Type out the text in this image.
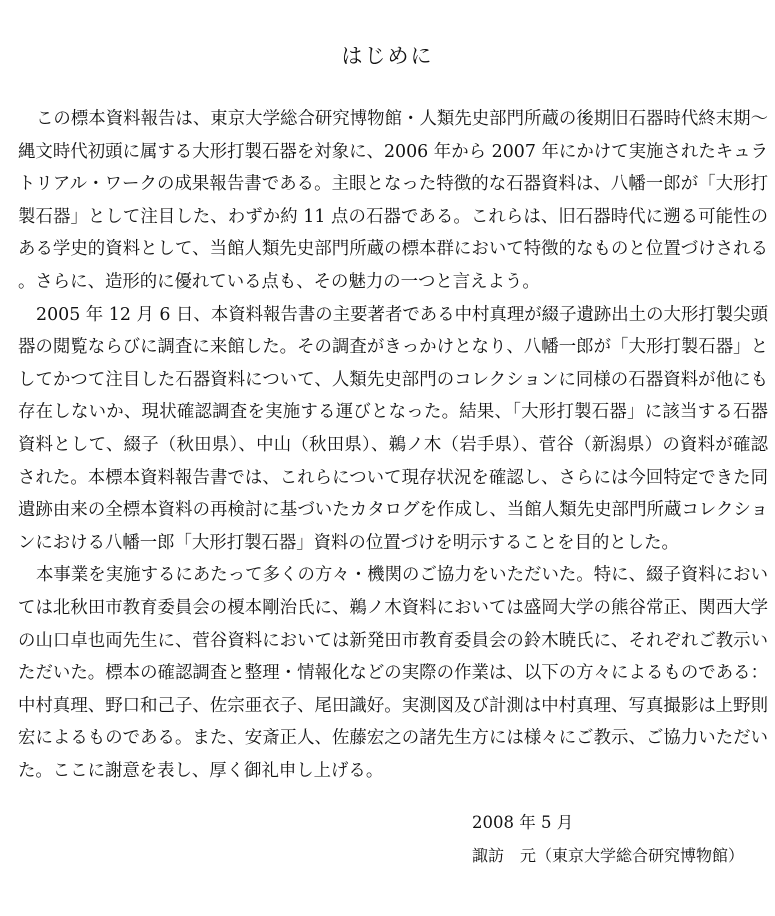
はじめに

この標本資料報告は、東京大学総合研究博物館・人類先史部門所蔵の後期旧石器時代終末期～縄文時代初頭に属する大形打製石器を対象に、2006 年から 2007 年にかけて実施されたキュラトリアル・ワークの成果報告書である。主眼となった特徴的な石器資料は、八幡一郎が「大形打製石器」として注目した、わずか約 11 点の石器である。これらは、旧石器時代に遡る可能性のある学史的資料として、当館人類先史部門所蔵の標本群において特徴的なものと位置づけされる。さらに、造形的に優れている点も、その魅力の一つと言えよう。

2005 年 12 月 6 日、本資料報告書の主要著者である中村真理が綴子遺跡出土の大形打製尖頭器の閲覧ならびに調査に来館した。その調査がきっかけとなり、八幡一郎が「大形打製石器」としてかつて注目した石器資料について、人類先史部門のコレクションに同様の石器資料が他にも存在しないか、現状確認調査を実施する運びとなった。結果、「大形打製石器」に該当する石器資料として、綴子（秋田県）、中山（秋田県）、鵜ノ木（岩手県）、菅谷（新潟県）の資料が確認された。本標本資料報告書では、これらについて現存状況を確認し、さらには今回特定できた同遺跡由来の全標本資料の再検討に基づいたカタログを作成し、当館人類先史部門所蔵コレクションにおける八幡一郎「大形打製石器」資料の位置づけを明示することを目的とした。

本事業を実施するにあたって多くの方々・機関のご協力をいただいた。特に、綴子資料においては北秋田市教育委員会の榎本剛治氏に、鵜ノ木資料においては盛岡大学の熊谷常正、関西大学の山口卓也両先生に、菅谷資料においては新発田市教育委員会の鈴木暁氏に、それぞれご教示いただいた。標本の確認調査と整理・情報化などの実際の作業は、以下の方々によるものである：中村真理、野口和己子、佐宗亜衣子、尾田識好。実測図及び計測は中村真理、写真撮影は上野則宏によるものである。また、安斎正人、佐藤宏之の諸先生方には様々にご教示、ご協力いただいた。ここに謝意を表し、厚く御礼申し上げる。

2008 年 5 月
諏訪　元（東京大学総合研究博物館）
